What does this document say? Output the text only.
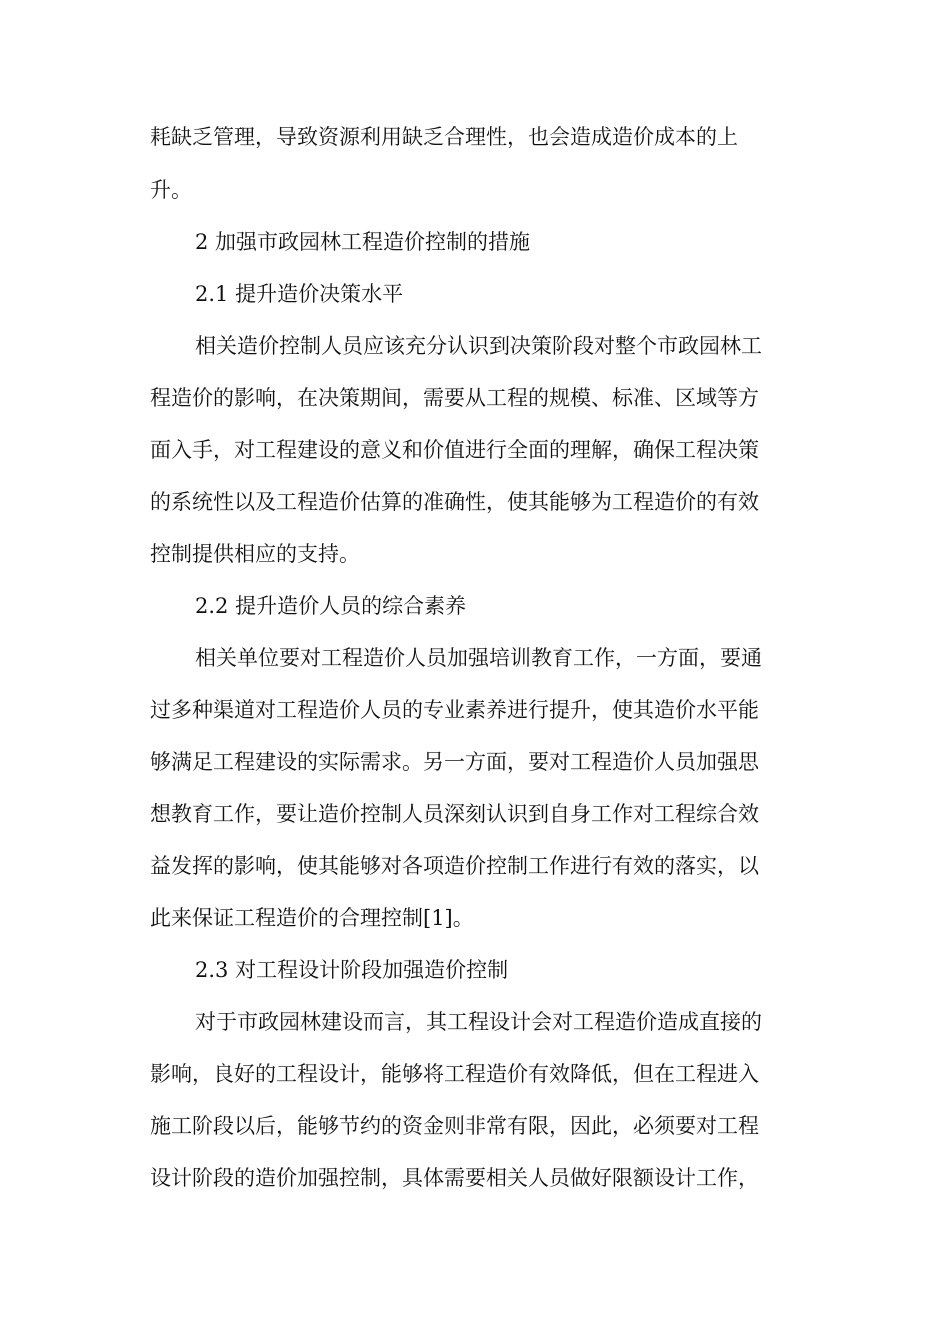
耗缺乏管理，导致资源利用缺乏合理性，也会造成造价成本的上
升。
2 加强市政园林工程造价控制的措施
2.1 提升造价决策水平
相关造价控制人员应该充分认识到决策阶段对整个市政园林工
程造价的影响，在决策期间，需要从工程的规模、标准、区域等方
面入手，对工程建设的意义和价值进行全面的理解，确保工程决策
的系统性以及工程造价估算的准确性，使其能够为工程造价的有效
控制提供相应的支持。
2.2 提升造价人员的综合素养
相关单位要对工程造价人员加强培训教育工作，一方面，要通
过多种渠道对工程造价人员的专业素养进行提升，使其造价水平能
够满足工程建设的实际需求。另一方面，要对工程造价人员加强思
想教育工作，要让造价控制人员深刻认识到自身工作对工程综合效
益发挥的影响，使其能够对各项造价控制工作进行有效的落实，以
此来保证工程造价的合理控制[1]。
2.3 对工程设计阶段加强造价控制
对于市政园林建设而言，其工程设计会对工程造价造成直接的
影响，良好的工程设计，能够将工程造价有效降低，但在工程进入
施工阶段以后，能够节约的资金则非常有限，因此，必须要对工程
设计阶段的造价加强控制，具体需要相关人员做好限额设计工作，
